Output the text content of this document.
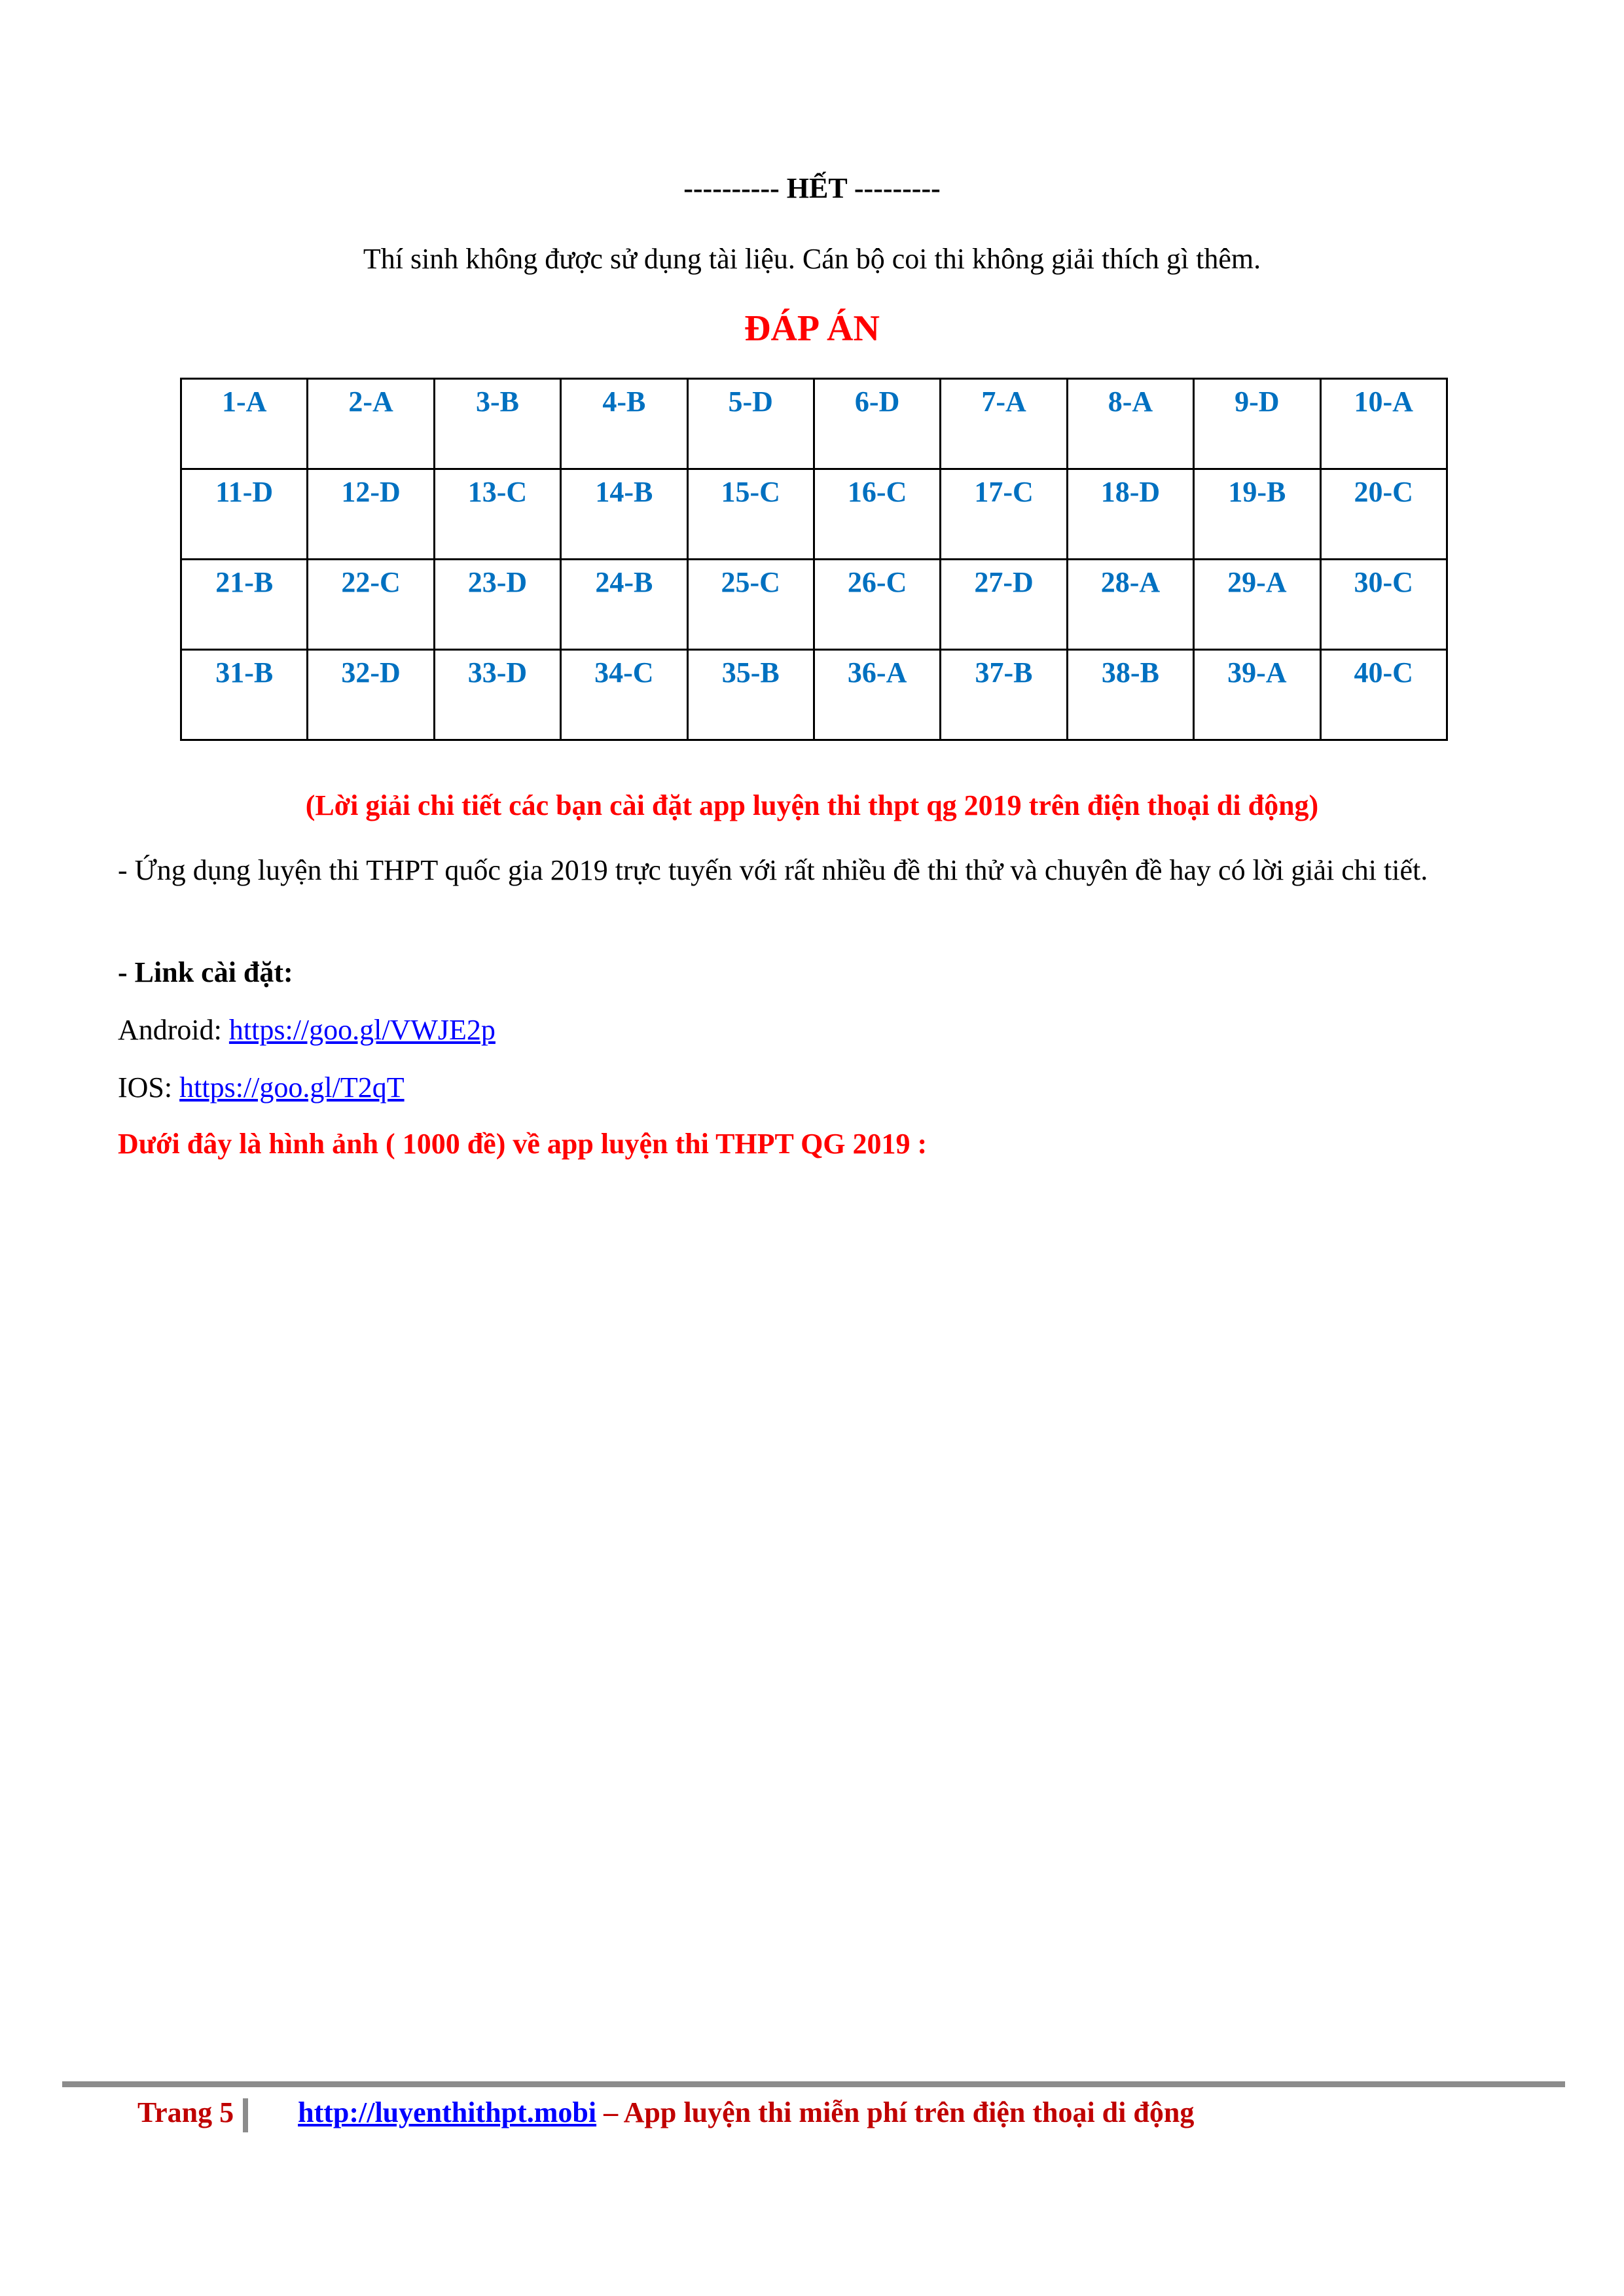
---------- HẾT ---------
Thí sinh không được sử dụng tài liệu. Cán bộ coi thi không giải thích gì thêm.
ĐÁP ÁN
1-A	2-A	3-B	4-B	5-D	6-D	7-A	8-A	9-D	10-A
11-D	12-D	13-C	14-B	15-C	16-C	17-C	18-D	19-B	20-C
21-B	22-C	23-D	24-B	25-C	26-C	27-D	28-A	29-A	30-C
31-B	32-D	33-D	34-C	35-B	36-A	37-B	38-B	39-A	40-C
(Lời giải chi tiết các bạn cài đặt app luyện thi thpt qg 2019 trên điện thoại di động)
- Ứng dụng luyện thi THPT quốc gia 2019 trực tuyến với rất nhiều đề thi thử và chuyên đề hay có lời giải chi tiết.
- Link cài đặt:
Android: https://goo.gl/VWJE2p
IOS: https://goo.gl/T2qT
Dưới đây là hình ảnh ( 1000 đề) về app luyện thi THPT QG 2019 :
Trang 5 http://luyenthithpt.mobi – App luyện thi miễn phí trên điện thoại di động
